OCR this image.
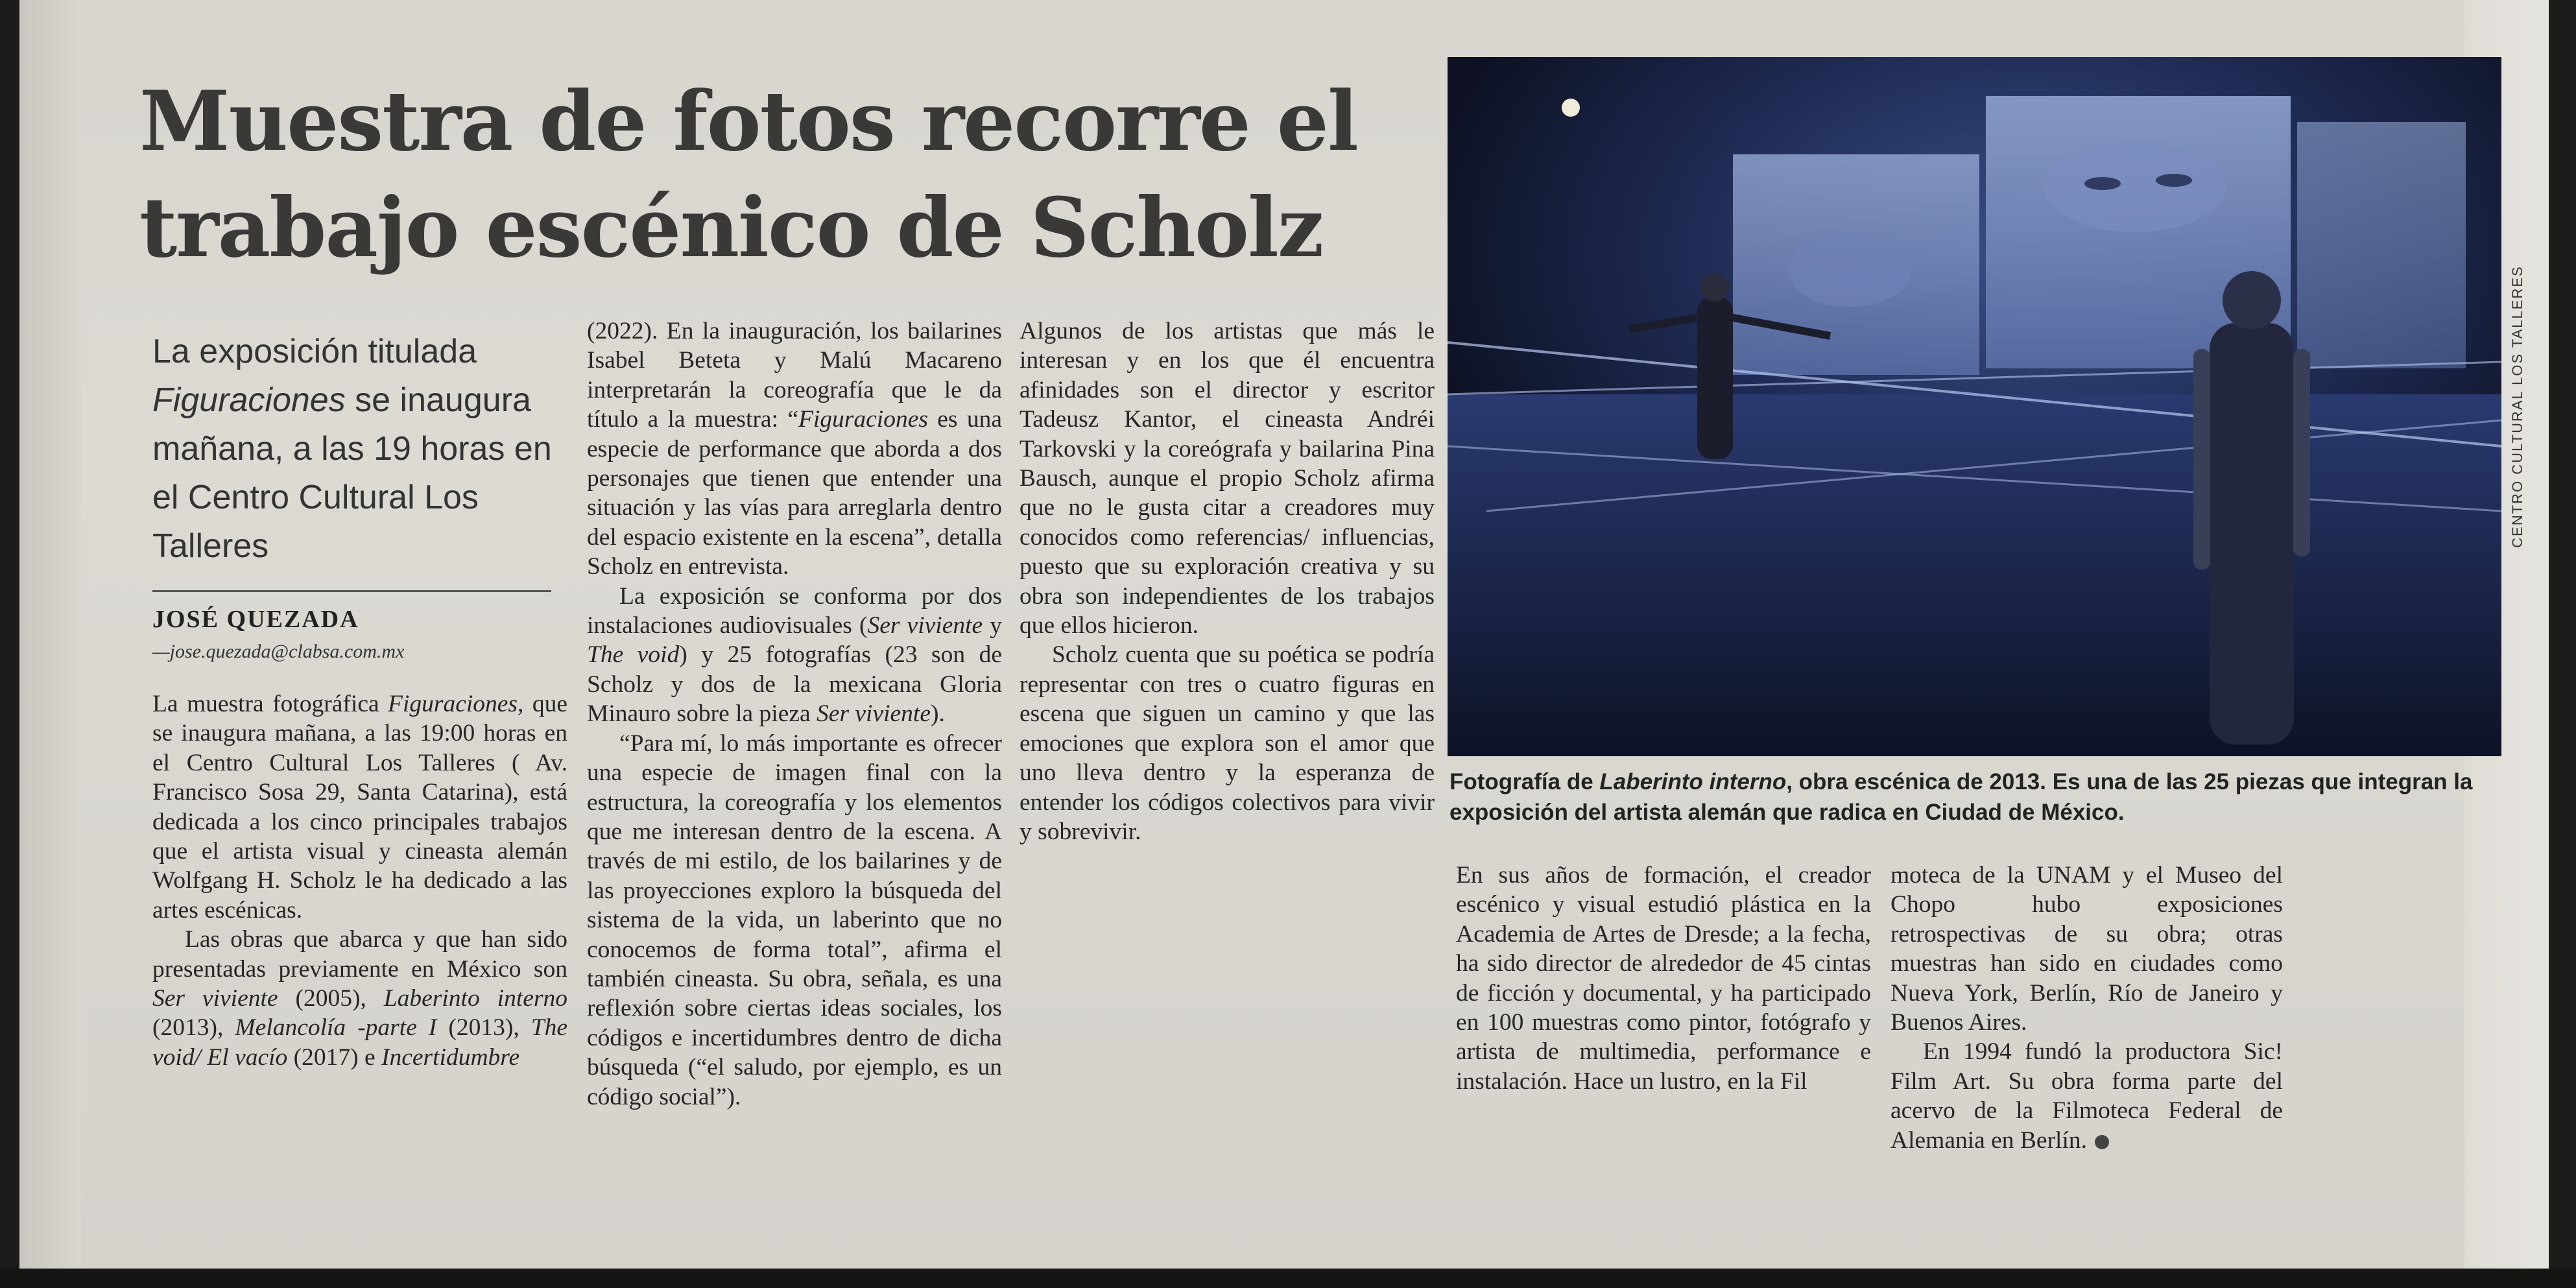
Muestra de fotos recorre el trabajo escénico de Scholz
La exposición titulada Figuraciones se inaugura mañana, a las 19 horas en el Centro Cultural Los Talleres
JOSÉ QUEZADA
—jose.quezada@clabsa.com.mx

La muestra fotográfica Figuraciones, que se inaugura mañana, a las 19:00 horas en el Centro Cultural Los Talleres ( Av. Francisco Sosa 29, Santa Catarina), está dedicada a los cinco principales trabajos que el artista visual y cineasta alemán Wolfgang H. Scholz le ha dedicado a las artes escénicas.

Las obras que abarca y que han sido presentadas previamente en México son Ser viviente (2005), Laberinto interno (2013), Melancolía -parte I (2013), The void/ El vacío (2017) e Incertidumbre

(2022). En la inauguración, los bailarines Isabel Beteta y Malú Macareno interpretarán la coreografía que le da título a la muestra: “Figuraciones es una especie de performance que aborda a dos personajes que tienen que entender una situación y las vías para arreglarla dentro del espacio existente en la escena”, detalla Scholz en entrevista.

La exposición se conforma por dos instalaciones audiovisuales (Ser viviente y The void) y 25 fotografías (23 son de Scholz y dos de la mexicana Gloria Minauro sobre la pieza Ser viviente).

“Para mí, lo más importante es ofrecer una especie de imagen final con la estructura, la coreografía y los elementos que me interesan dentro de la escena. A través de mi estilo, de los bailarines y de las proyecciones exploro la búsqueda del sistema de la vida, un laberinto que no conocemos de forma total”, afirma el también cineasta. Su obra, señala, es una reflexión sobre ciertas ideas sociales, los códigos e incertidumbres dentro de dicha búsqueda (“el saludo, por ejemplo, es un código social”).

Algunos de los artistas que más le interesan y en los que él encuentra afinidades son el director y escritor Tadeusz Kantor, el cineasta Andréi Tarkovski y la coreógrafa y bailarina Pina Bausch, aunque el propio Scholz afirma que no le gusta citar a creadores muy conocidos como referencias/ influencias, puesto que su exploración creativa y su obra son independientes de los trabajos que ellos hicieron.

Scholz cuenta que su poética se podría representar con tres o cuatro figuras en escena que siguen un camino y que las emociones que explora son el amor que uno lleva dentro y la esperanza de entender los códigos colectivos para vivir y sobrevivir.

CENTRO CULTURAL LOS TALLERES
Fotografía de Laberinto interno, obra escénica de 2013. Es una de las 25 piezas que integran la exposición del artista alemán que radica en Ciudad de México.

En sus años de formación, el creador escénico y visual estudió plástica en la Academia de Artes de Dresde; a la fecha, ha sido director de alrededor de 45 cintas de ficción y documental, y ha participado en 100 muestras como pintor, fotógrafo y artista de multimedia, performance e instalación. Hace un lustro, en la Fil

moteca de la UNAM y el Museo del Chopo hubo exposiciones retrospectivas de su obra; otras muestras han sido en ciudades como Nueva York, Berlín, Río de Janeiro y Buenos Aires.

En 1994 fundó la productora Sic! Film Art. Su obra forma parte del acervo de la Filmoteca Federal de Alemania en Berlín.
